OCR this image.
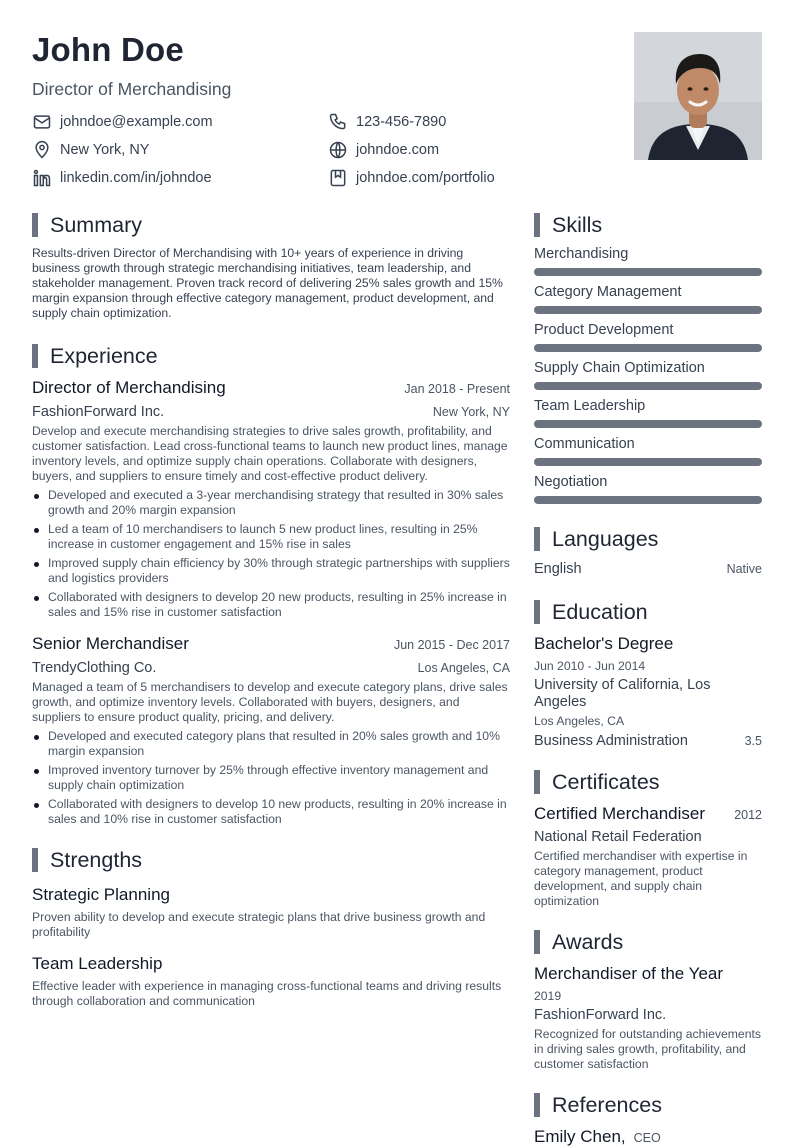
John Doe
Director of Merchandising
johndoe@example.com	123-456-7890
New York, NY	johndoe.com
linkedin.com/in/johndoe	johndoe.com/portfolio
Summary
Results-driven Director of Merchandising with 10+ years of experience in driving business growth through strategic merchandising initiatives, team leadership, and stakeholder management. Proven track record of delivering 25% sales growth and 15% margin expansion through effective category management, product development, and supply chain optimization.
Experience
Director of Merchandising	Jan 2018 - Present
FashionForward Inc.	New York, NY
Develop and execute merchandising strategies to drive sales growth, profitability, and customer satisfaction. Lead cross-functional teams to launch new product lines, manage inventory levels, and optimize supply chain operations. Collaborate with designers, buyers, and suppliers to ensure timely and cost-effective product delivery.
Developed and executed a 3-year merchandising strategy that resulted in 30% sales growth and 20% margin expansion
Led a team of 10 merchandisers to launch 5 new product lines, resulting in 25% increase in customer engagement and 15% rise in sales
Improved supply chain efficiency by 30% through strategic partnerships with suppliers and logistics providers
Collaborated with designers to develop 20 new products, resulting in 25% increase in sales and 15% rise in customer satisfaction
Senior Merchandiser	Jun 2015 - Dec 2017
TrendyClothing Co.	Los Angeles, CA
Managed a team of 5 merchandisers to develop and execute category plans, drive sales growth, and optimize inventory levels. Collaborated with buyers, designers, and suppliers to ensure product quality, pricing, and delivery.
Developed and executed category plans that resulted in 20% sales growth and 10% margin expansion
Improved inventory turnover by 25% through effective inventory management and supply chain optimization
Collaborated with designers to develop 10 new products, resulting in 20% increase in sales and 10% rise in customer satisfaction
Strengths
Strategic Planning
Proven ability to develop and execute strategic plans that drive business growth and profitability
Team Leadership
Effective leader with experience in managing cross-functional teams and driving results through collaboration and communication
Skills
Merchandising
Category Management
Product Development
Supply Chain Optimization
Team Leadership
Communication
Negotiation
Languages
English	Native
Education
Bachelor's Degree
Jun 2010 - Jun 2014
University of California, Los Angeles
Los Angeles, CA
Business Administration	3.5
Certificates
Certified Merchandiser 2012
National Retail Federation
Certified merchandiser with expertise in category management, product development, and supply chain optimization
Awards
Merchandiser of the Year
2019
FashionForward Inc.
Recognized for outstanding achievements in driving sales growth, profitability, and customer satisfaction
References
Emily Chen, CEO
